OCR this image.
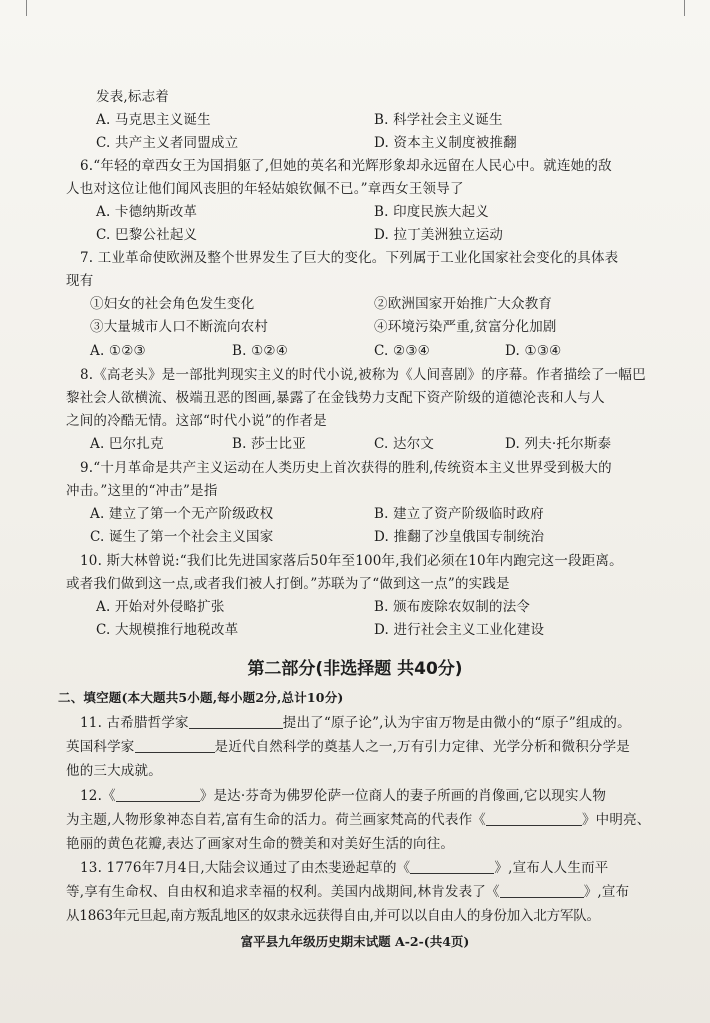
发表,标志着
A. 马克思主义诞生	B. 科学社会主义诞生
C. 共产主义者同盟成立	D. 资本主义制度被推翻
6.“年轻的章西女王为国捐躯了,但她的英名和光辉形象却永远留在人民心中。就连她的敌
人也对这位让他们闻风丧胆的年轻姑娘钦佩不已。”章西女王领导了
A. 卡德纳斯改革	B. 印度民族大起义
C. 巴黎公社起义	D. 拉丁美洲独立运动
7. 工业革命使欧洲及整个世界发生了巨大的变化。下列属于工业化国家社会变化的具体表
现有
①妇女的社会角色发生变化	②欧洲国家开始推广大众教育
③大量城市人口不断流向农村	④环境污染严重,贫富分化加剧
A. ①②③	B. ①②④	C. ②③④	D. ①③④
8.《高老头》是一部批判现实主义的时代小说,被称为《人间喜剧》的序幕。作者描绘了一幅巴
黎社会人欲横流、极端丑恶的图画,暴露了在金钱势力支配下资产阶级的道德沦丧和人与人
之间的冷酷无情。这部“时代小说”的作者是
A. 巴尔扎克	B. 莎士比亚	C. 达尔文	D. 列夫·托尔斯泰
9.“十月革命是共产主义运动在人类历史上首次获得的胜利,传统资本主义世界受到极大的
冲击。”这里的“冲击”是指
A. 建立了第一个无产阶级政权	B. 建立了资产阶级临时政府
C. 诞生了第一个社会主义国家	D. 推翻了沙皇俄国专制统治
10. 斯大林曾说:“我们比先进国家落后50年至100年,我们必须在10年内跑完这一段距离。
或者我们做到这一点,或者我们被人打倒。”苏联为了“做到这一点”的实践是
A. 开始对外侵略扩张	B. 颁布废除农奴制的法令
C. 大规模推行地税改革	D. 进行社会主义工业化建设
第二部分(非选择题 共40分)
二、填空题(本大题共5小题,每小题2分,总计10分)
11. 古希腊哲学家	提出了“原子论”,认为宇宙万物是由微小的“原子”组成的。
英国科学家	是近代自然科学的奠基人之一,万有引力定律、光学分析和微积分学是
他的三大成就。
12.《	》是达·芬奇为佛罗伦萨一位商人的妻子所画的肖像画,它以现实人物
为主题,人物形象神态自若,富有生命的活力。荷兰画家梵高的代表作《	》中明亮、
艳丽的黄色花瓣,表达了画家对生命的赞美和对美好生活的向往。
13. 1776年7月4日,大陆会议通过了由杰斐逊起草的《	》,宣布人人生而平
等,享有生命权、自由权和追求幸福的权利。美国内战期间,林肯发表了《	》,宣布
从1863年元旦起,南方叛乱地区的奴隶永远获得自由,并可以以自由人的身份加入北方军队。
富平县九年级历史期末试题 A-2-(共4页)
